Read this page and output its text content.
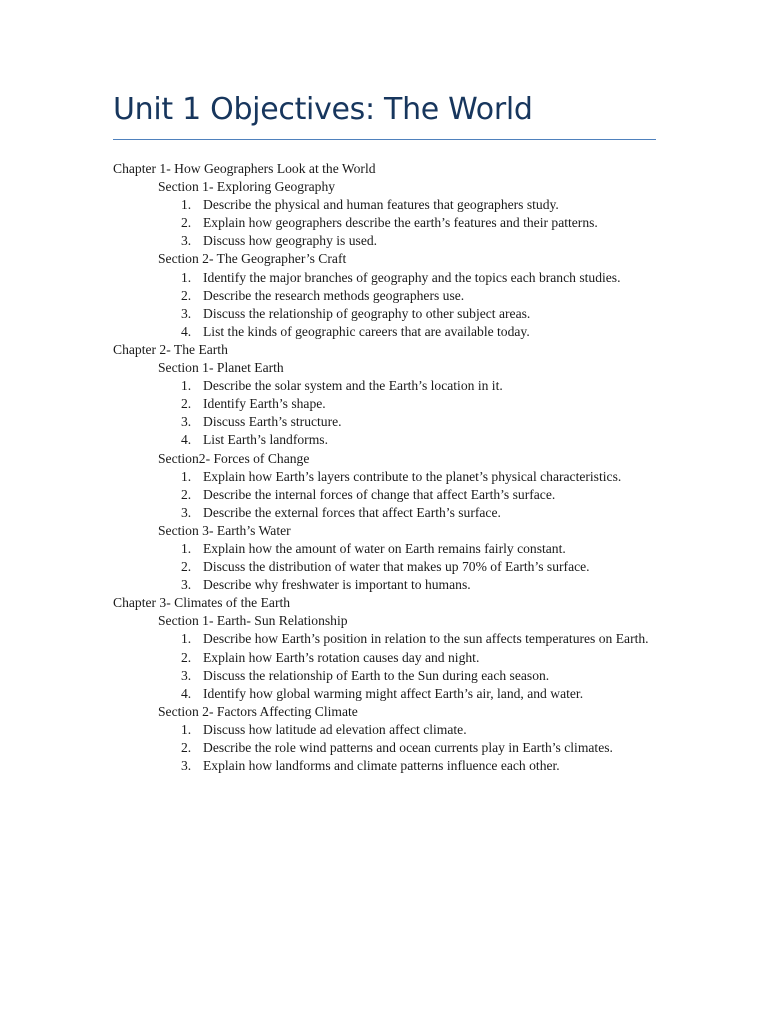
Unit 1 Objectives: The World
Chapter 1- How Geographers Look at the World
Section 1- Exploring Geography
1. Describe the physical and human features that geographers study.
2. Explain how geographers describe the earth’s features and their patterns.
3. Discuss how geography is used.
Section 2- The Geographer’s Craft
1. Identify the major branches of geography and the topics each branch studies.
2. Describe the research methods geographers use.
3. Discuss the relationship of geography to other subject areas.
4. List the kinds of geographic careers that are available today.
Chapter 2- The Earth
Section 1- Planet Earth
1. Describe the solar system and the Earth’s location in it.
2. Identify Earth’s shape.
3. Discuss Earth’s structure.
4. List Earth’s landforms.
Section2- Forces of Change
1. Explain how Earth’s layers contribute to the planet’s physical characteristics.
2. Describe the internal forces of change that affect Earth’s surface.
3. Describe the external forces that affect Earth’s surface.
Section 3- Earth’s Water
1. Explain how the amount of water on Earth remains fairly constant.
2. Discuss the distribution of water that makes up 70% of Earth’s surface.
3. Describe why freshwater is important to humans.
Chapter 3- Climates of the Earth
Section 1- Earth- Sun Relationship
1. Describe how Earth’s position in relation to the sun affects temperatures on Earth.
2. Explain how Earth’s rotation causes day and night.
3. Discuss the relationship of Earth to the Sun during each season.
4. Identify how global warming might affect Earth’s air, land, and water.
Section 2- Factors Affecting Climate
1. Discuss how latitude ad elevation affect climate.
2. Describe the role wind patterns and ocean currents play in Earth’s climates.
3. Explain how landforms and climate patterns influence each other.
